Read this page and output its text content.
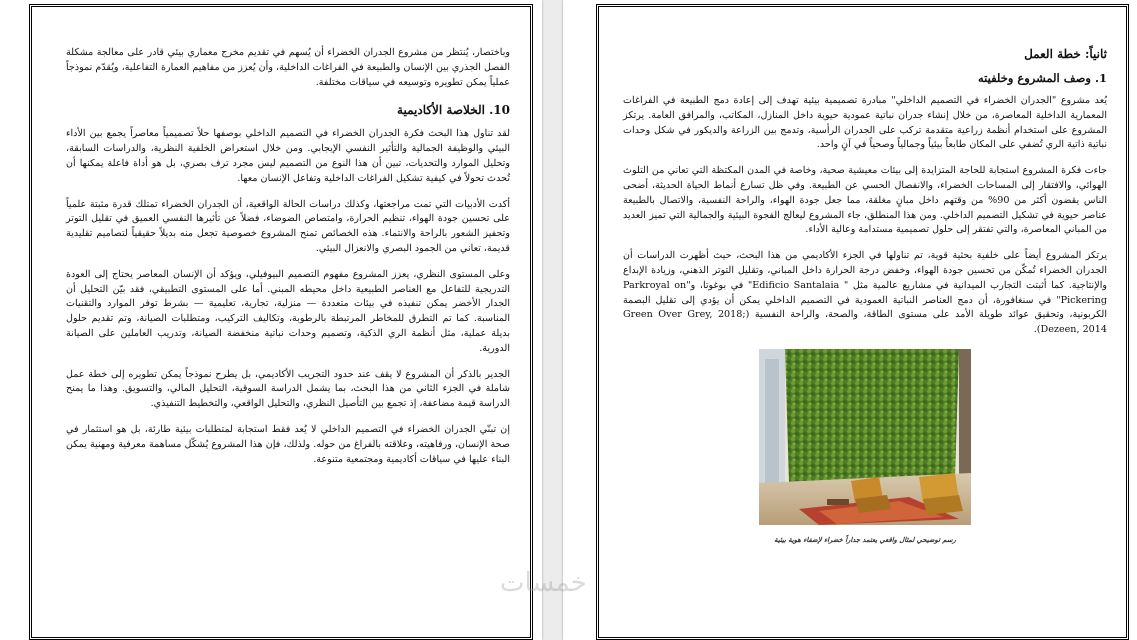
وباختصار، يُنتظر من مشروع الجدران الخضراء أن يُسهم في تقديم مخرج معماري بيئي قادر على معالجة مشكلة الفصل الجذري بين الإنسان والطبيعة في الفراغات الداخلية، وأن يُعزز من مفاهيم العمارة التفاعلية، ويُقدّم نموذجاً عملياً يمكن تطويره وتوسيعه في سياقات مختلفة.

10. الخلاصة الأكاديمية

لقد تناول هذا البحث فكرة الجدران الخضراء في التصميم الداخلي بوصفها حلاً تصميمياً معاصراً يجمع بين الأداء البيئي والوظيفة الجمالية والتأثير النفسي الإيجابي. ومن خلال استعراض الخلفية النظرية، والدراسات السابقة، وتحليل الموارد والتحديات، تبين أن هذا النوع من التصميم ليس مجرد ترف بصري، بل هو أداة فاعلة يمكنها أن تُحدث تحولاً في كيفية تشكيل الفراغات الداخلية وتفاعل الإنسان معها.

أكدت الأدبيات التي تمت مراجعتها، وكذلك دراسات الحالة الواقعية، أن الجدران الخضراء تمتلك قدرة مثبتة علمياً على تحسين جودة الهواء، تنظيم الحرارة، وامتصاص الضوضاء، فضلاً عن تأثيرها النفسي العميق في تقليل التوتر وتحفيز الشعور بالراحة والانتماء. هذه الخصائص تمنح المشروع خصوصية تجعل منه بديلاً حقيقياً لتصاميم تقليدية قديمة، تعاني من الجمود البصري والانعزال البيئي.

وعلى المستوى النظري، يعزز المشروع مفهوم التصميم البيوفيلي، ويؤكد أن الإنسان المعاصر يحتاج إلى العودة التدريجية للتفاعل مع العناصر الطبيعية داخل محيطه المبني. أما على المستوى التطبيقي، فقد بيّن التحليل أن الجدار الأخضر يمكن تنفيذه في بيئات متعددة — منزلية، تجارية، تعليمية — بشرط توفر الموارد والتقنيات المناسبة. كما تم التطرق للمخاطر المرتبطة بالرطوبة، وتكاليف التركيب، ومتطلبات الصيانة، وتم تقديم حلول بديلة عملية، مثل أنظمة الري الذكية، وتصميم وحدات نباتية منخفضة الصيانة، وتدريب العاملين على الصيانة الدورية.

الجدير بالذكر أن المشروع لا يقف عند حدود التجريب الأكاديمي، بل يطرح نموذجاً يمكن تطويره إلى خطة عمل شاملة في الجزء الثاني من هذا البحث، بما يشمل الدراسة السوقية، التحليل المالي، والتسويق. وهذا ما يمنح الدراسة قيمة مضاعفة، إذ تجمع بين التأصيل النظري، والتحليل الواقعي، والتخطيط التنفيذي.

إن تبنّي الجدران الخضراء في التصميم الداخلي لا يُعد فقط استجابة لمتطلبات بيئية طارئة، بل هو استثمار في صحة الإنسان، ورفاهيته، وعلاقته بالفراغ من حوله. ولذلك، فإن هذا المشروع يُشكّل مساهمة معرفية ومهنية يمكن البناء عليها في سياقات أكاديمية ومجتمعية متنوعة.

ثانياً: خطة العمل
1. وصف المشروع وخلفيته

يُعد مشروع "الجدران الخضراء في التصميم الداخلي" مبادرة تصميمية بيئية تهدف إلى إعادة دمج الطبيعة في الفراغات المعمارية الداخلية المعاصرة، من خلال إنشاء جدران نباتية عمودية حيوية داخل المنازل، المكاتب، والمرافق العامة. يرتكز المشروع على استخدام أنظمة زراعية متقدمة تركب على الجدران الرأسية، وتدمج بين الزراعة والديكور في شكل وحدات نباتية ذاتية الري تُضفي على المكان طابعاً بيئياً وجمالياً وصحياً في آنٍ واحد.

جاءت فكرة المشروع استجابة للحاجة المتزايدة إلى بيئات معيشية صحية، وخاصة في المدن المكتظة التي تعاني من التلوث الهوائي، والافتقار إلى المساحات الخضراء، والانفصال الحسي عن الطبيعة. وفي ظل تسارع أنماط الحياة الحديثة، أضحى الناس يقضون أكثر من 90% من وقتهم داخل مبانٍ مغلقة، مما جعل جودة الهواء، والراحة النفسية، والاتصال بالطبيعة عناصر حيوية في تشكيل التصميم الداخلي. ومن هذا المنطلق، جاء المشروع ليعالج الفجوة البيئية والجمالية التي تميز العديد من المباني المعاصرة، والتي تفتقر إلى حلول تصميمية مستدامة وعالية الأداء.

يرتكز المشروع أيضاً على خلفية بحثية قوية، تم تناولها في الجزء الأكاديمي من هذا البحث، حيث أظهرت الدراسات أن الجدران الخضراء تُمكّن من تحسين جودة الهواء، وخفض درجة الحرارة داخل المباني، وتقليل التوتر الذهني، وزيادة الإبداع والإنتاجية. كما أثبتت التجارب الميدانية في مشاريع عالمية مثل " Edificio Santalaia" في بوغوتا، و"Parkroyal on Pickering" في سنغافورة، أن دمج العناصر النباتية العمودية في التصميم الداخلي يمكن أن يؤدي إلى تقليل البصمة الكربونية، وتحقيق عوائد طويلة الأمد على مستوى الطاقة، والصحة، والراحة النفسية (Green Over Grey, 2018; Dezeen, 2014).

رسم توضيحي لمثال واقعي يعتمد جداراً خضراء لإضفاء هوية بيئية
خمسات
